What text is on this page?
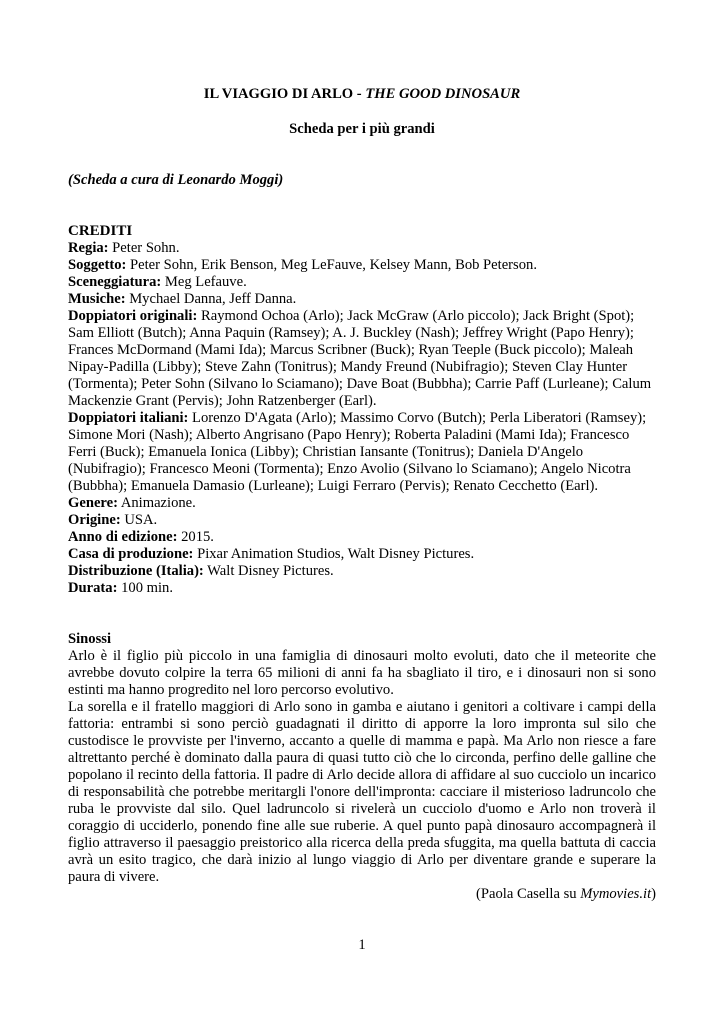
IL VIAGGIO DI ARLO - THE GOOD DINOSAUR

Scheda per i più grandi

(Scheda a cura di Leonardo Moggi)

CREDITI

Regia: Peter Sohn.

Soggetto: Peter Sohn, Erik Benson, Meg LeFauve, Kelsey Mann, Bob Peterson.

Sceneggiatura: Meg Lefauve.

Musiche: Mychael Danna, Jeff Danna.

Doppiatori originali: Raymond Ochoa (Arlo); Jack McGraw (Arlo piccolo); Jack Bright (Spot); Sam Elliott (Butch); Anna Paquin (Ramsey); A. J. Buckley (Nash); Jeffrey Wright (Papo Henry); Frances McDormand (Mami Ida); Marcus Scribner (Buck); Ryan Teeple (Buck piccolo); Maleah Nipay-Padilla (Libby); Steve Zahn (Tonitrus); Mandy Freund (Nubifragio); Steven Clay Hunter (Tormenta); Peter Sohn (Silvano lo Sciamano); Dave Boat (Bubbha); Carrie Paff (Lurleane); Calum Mackenzie Grant (Pervis); John Ratzenberger (Earl).

Doppiatori italiani: Lorenzo D'Agata (Arlo); Massimo Corvo (Butch); Perla Liberatori (Ramsey); Simone Mori (Nash); Alberto Angrisano (Papo Henry); Roberta Paladini (Mami Ida); Francesco Ferri (Buck); Emanuela Ionica (Libby); Christian Iansante (Tonitrus); Daniela D'Angelo (Nubifragio); Francesco Meoni (Tormenta); Enzo Avolio (Silvano lo Sciamano); Angelo Nicotra (Bubbha); Emanuela Damasio (Lurleane); Luigi Ferraro (Pervis); Renato Cecchetto (Earl).

Genere: Animazione.

Origine: USA.

Anno di edizione: 2015.

Casa di produzione: Pixar Animation Studios, Walt Disney Pictures.

Distribuzione (Italia): Walt Disney Pictures.

Durata: 100 min.

Sinossi

Arlo è il figlio più piccolo in una famiglia di dinosauri molto evoluti, dato che il meteorite che avrebbe dovuto colpire la terra 65 milioni di anni fa ha sbagliato il tiro, e i dinosauri non si sono estinti ma hanno progredito nel loro percorso evolutivo.

La sorella e il fratello maggiori di Arlo sono in gamba e aiutano i genitori a coltivare i campi della fattoria: entrambi si sono perciò guadagnati il diritto di apporre la loro impronta sul silo che custodisce le provviste per l'inverno, accanto a quelle di mamma e papà. Ma Arlo non riesce a fare altrettanto perché è dominato dalla paura di quasi tutto ciò che lo circonda, perfino delle galline che popolano il recinto della fattoria. Il padre di Arlo decide allora di affidare al suo cucciolo un incarico di responsabilità che potrebbe meritargli l'onore dell'impronta: cacciare il misterioso ladruncolo che ruba le provviste dal silo. Quel ladruncolo si rivelerà un cucciolo d'uomo e Arlo non troverà il coraggio di ucciderlo, ponendo fine alle sue ruberie. A quel punto papà dinosauro accompagnerà il figlio attraverso il paesaggio preistorico alla ricerca della preda sfuggita, ma quella battuta di caccia avrà un esito tragico, che darà inizio al lungo viaggio di Arlo per diventare grande e superare la paura di vivere.

(Paola Casella su Mymovies.it)

1
